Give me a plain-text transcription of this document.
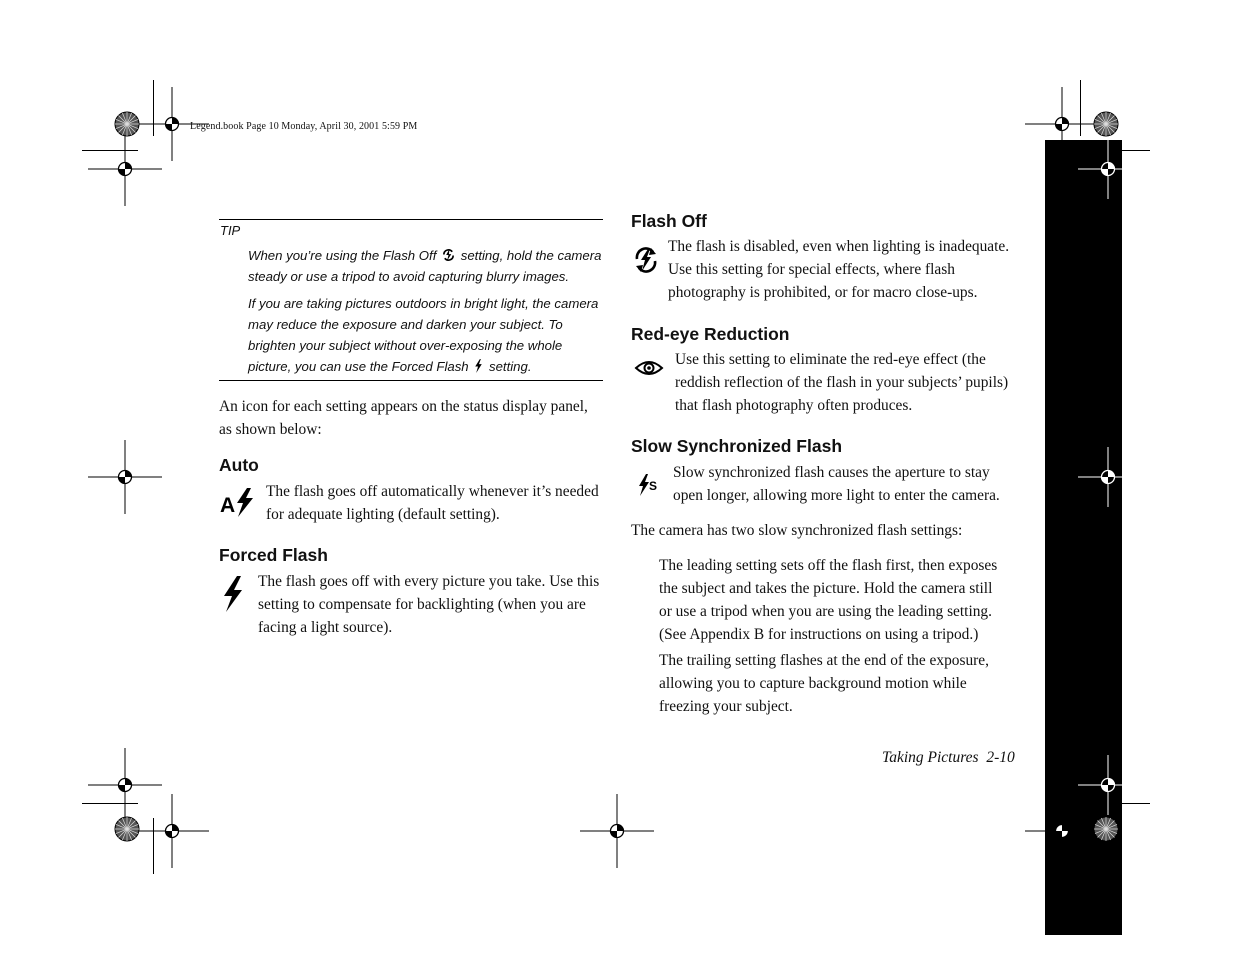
Legend.book Page 10 Monday, April 30, 2001 5:59 PM
TIP
When you’re using the Flash Off setting, hold the camera steady or use a tripod to avoid capturing blurry images.
If you are taking pictures outdoors in bright light, the camera may reduce the exposure and darken your subject. To brighten your subject without over-exposing the whole picture, you can use the Forced Flash setting.
An icon for each setting appears on the status display panel, as shown below:
Auto
A
The flash goes off automatically whenever it’s needed for adequate lighting (default setting).
Forced Flash
The flash goes off with every picture you take. Use this setting to compensate for backlighting (when you are facing a light source).
Flash Off
The flash is disabled, even when lighting is inadequate. Use this setting for special effects, where flash photography is prohibited, or for macro close-ups.
Red-eye Reduction
Use this setting to eliminate the red-eye effect (the reddish reflection of the flash in your subjects’ pupils) that flash photography often produces.
Slow Synchronized Flash
S
Slow synchronized flash causes the aperture to stay open longer, allowing more light to enter the camera.
The camera has two slow synchronized flash settings:
The leading setting sets off the flash first, then exposes the subject and takes the picture. Hold the camera still or use a tripod when you are using the leading setting. (See Appendix B for instructions on using a tripod.)
The trailing setting flashes at the end of the exposure, allowing you to capture background motion while freezing your subject.
Taking Pictures  2-10
